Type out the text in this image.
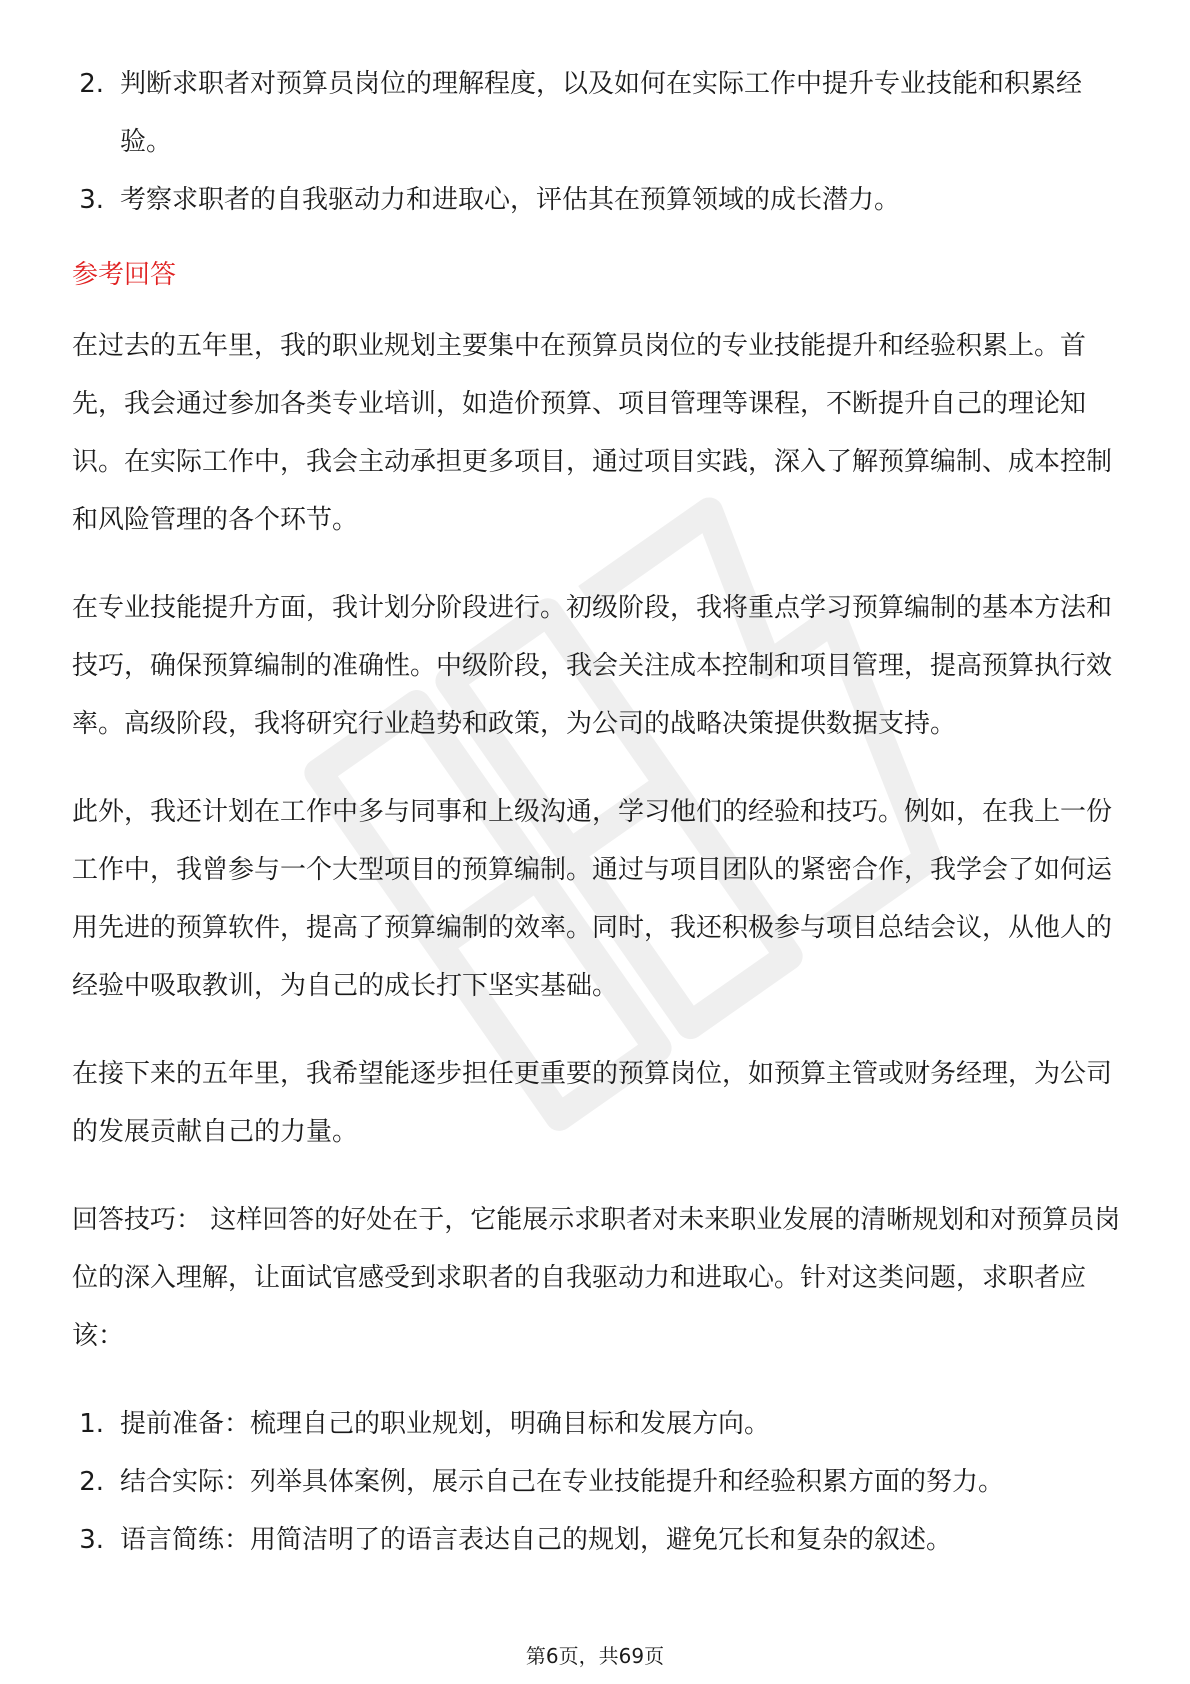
2. 判断求职者对预算员岗位的理解程度，以及如何在实际工作中提升专业技能和积累经验。
3. 考察求职者的自我驱动力和进取心，评估其在预算领域的成长潜力。
参考回答

在过去的五年里，我的职业规划主要集中在预算员岗位的专业技能提升和经验积累上。首先，我会通过参加各类专业培训，如造价预算、项目管理等课程，不断提升自己的理论知识。在实际工作中，我会主动承担更多项目，通过项目实践，深入了解预算编制、成本控制和风险管理的各个环节。

在专业技能提升方面，我计划分阶段进行。初级阶段，我将重点学习预算编制的基本方法和技巧，确保预算编制的准确性。中级阶段，我会关注成本控制和项目管理，提高预算执行效率。高级阶段，我将研究行业趋势和政策，为公司的战略决策提供数据支持。

此外，我还计划在工作中多与同事和上级沟通，学习他们的经验和技巧。例如，在我上一份工作中，我曾参与一个大型项目的预算编制。通过与项目团队的紧密合作，我学会了如何运用先进的预算软件，提高了预算编制的效率。同时，我还积极参与项目总结会议，从他人的经验中吸取教训，为自己的成长打下坚实基础。

在接下来的五年里，我希望能逐步担任更重要的预算岗位，如预算主管或财务经理，为公司的发展贡献自己的力量。

回答技巧： 这样回答的好处在于，它能展示求职者对未来职业发展的清晰规划和对预算员岗位的深入理解，让面试官感受到求职者的自我驱动力和进取心。针对这类问题，求职者应该：

1. 提前准备：梳理自己的职业规划，明确目标和发展方向。
2. 结合实际：列举具体案例，展示自己在专业技能提升和经验积累方面的努力。
3. 语言简练：用简洁明了的语言表达自己的规划，避免冗长和复杂的叙述。
第6页，共69页
